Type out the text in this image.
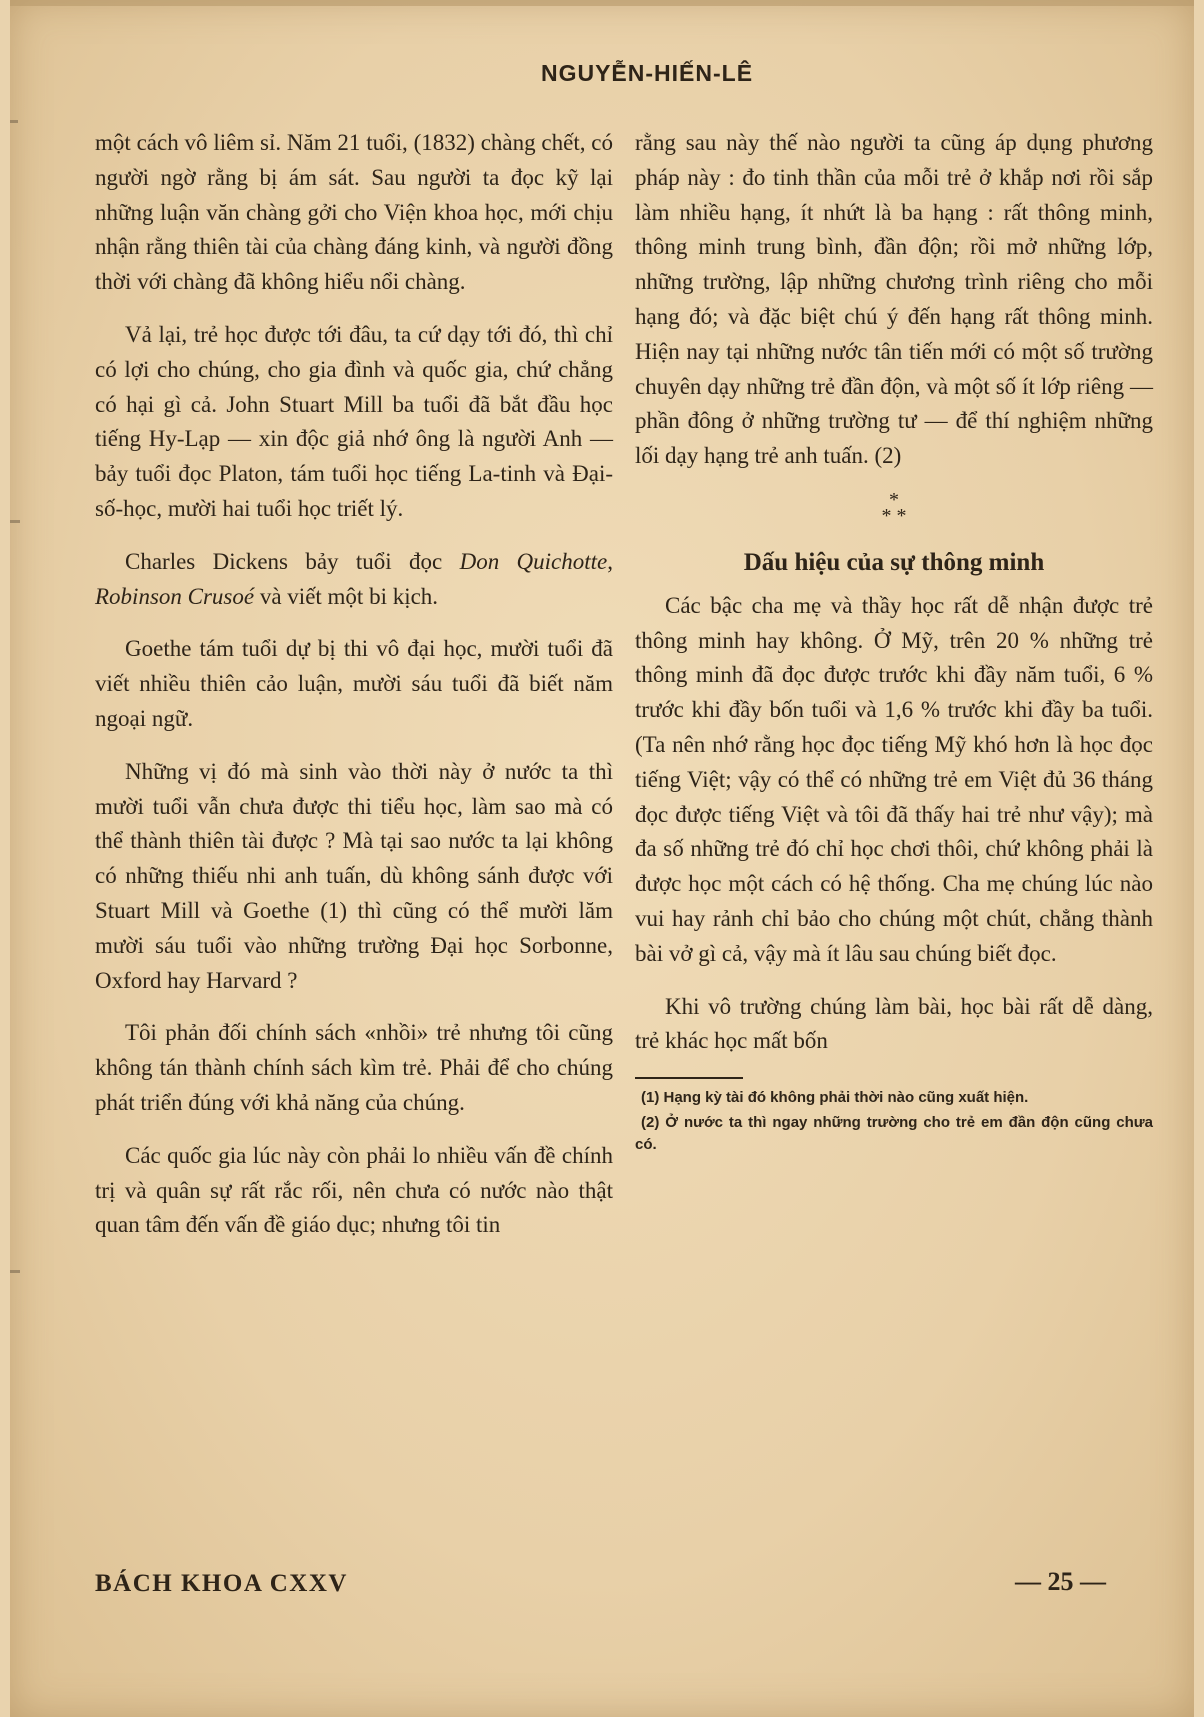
NGUYỄN-HIẾN-LÊ

một cách vô liêm sỉ. Năm 21 tuổi, (1832) chàng chết, có người ngờ rằng bị ám sát. Sau người ta đọc kỹ lại những luận văn chàng gởi cho Viện khoa học, mới chịu nhận rằng thiên tài của chàng đáng kinh, và người đồng thời với chàng đã không hiểu nổi chàng.

Vả lại, trẻ học được tới đâu, ta cứ dạy tới đó, thì chỉ có lợi cho chúng, cho gia đình và quốc gia, chứ chẳng có hại gì cả. John Stuart Mill ba tuổi đã bắt đầu học tiếng Hy-Lạp — xin độc giả nhớ ông là người Anh — bảy tuổi đọc Platon, tám tuổi học tiếng La-tinh và Đại-số-học, mười hai tuổi học triết lý.

Charles Dickens bảy tuổi đọc Don Quichotte, Robinson Crusoé và viết một bi kịch.

Goethe tám tuổi dự bị thi vô đại học, mười tuổi đã viết nhiều thiên cảo luận, mười sáu tuổi đã biết năm ngoại ngữ.

Những vị đó mà sinh vào thời này ở nước ta thì mười tuổi vẫn chưa được thi tiểu học, làm sao mà có thể thành thiên tài được ? Mà tại sao nước ta lại không có những thiếu nhi anh tuấn, dù không sánh được với Stuart Mill và Goethe (1) thì cũng có thể mười lăm mười sáu tuổi vào những trường Đại học Sorbonne, Oxford hay Harvard ?

Tôi phản đối chính sách «nhồi» trẻ nhưng tôi cũng không tán thành chính sách kìm trẻ. Phải để cho chúng phát triển đúng với khả năng của chúng.

Các quốc gia lúc này còn phải lo nhiều vấn đề chính trị và quân sự rất rắc rối, nên chưa có nước nào thật quan tâm đến vấn đề giáo dục; nhưng tôi tin

rằng sau này thế nào người ta cũng áp dụng phương pháp này : đo tinh thần của mỗi trẻ ở khắp nơi rồi sắp làm nhiều hạng, ít nhứt là ba hạng : rất thông minh, thông minh trung bình, đần độn; rồi mở những lớp, những trường, lập những chương trình riêng cho mỗi hạng đó; và đặc biệt chú ý đến hạng rất thông minh. Hiện nay tại những nước tân tiến mới có một số trường chuyên dạy những trẻ đần độn, và một số ít lớp riêng — phần đông ở những trường tư — để thí nghiệm những lối dạy hạng trẻ anh tuấn. (2)

*
* *
Dấu hiệu của sự thông minh

Các bậc cha mẹ và thầy học rất dễ nhận được trẻ thông minh hay không. Ở Mỹ, trên 20 % những trẻ thông minh đã đọc được trước khi đầy năm tuổi, 6 % trước khi đầy bốn tuổi và 1,6 % trước khi đầy ba tuổi. (Ta nên nhớ rằng học đọc tiếng Mỹ khó hơn là học đọc tiếng Việt; vậy có thể có những trẻ em Việt đủ 36 tháng đọc được tiếng Việt và tôi đã thấy hai trẻ như vậy); mà đa số những trẻ đó chỉ học chơi thôi, chứ không phải là được học một cách có hệ thống. Cha mẹ chúng lúc nào vui hay rảnh chỉ bảo cho chúng một chút, chẳng thành bài vở gì cả, vậy mà ít lâu sau chúng biết đọc.

Khi vô trường chúng làm bài, học bài rất dễ dàng, trẻ khác học mất bốn

(1) Hạng kỳ tài đó không phải thời nào cũng xuất hiện.
(2) Ở nước ta thì ngay những trường cho trẻ em đần độn cũng chưa có.
BÁCH KHOA CXXV	— 25 —
